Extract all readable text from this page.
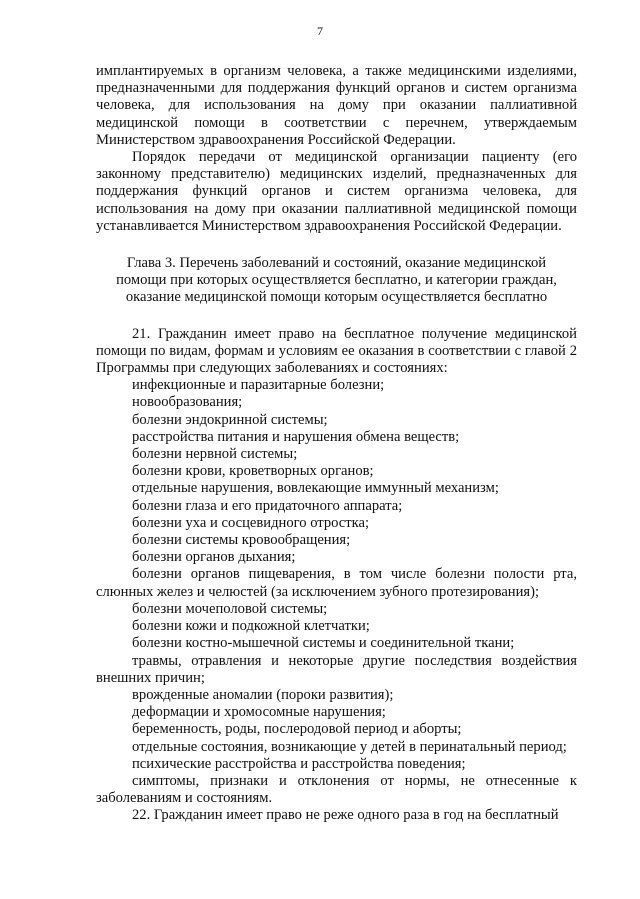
7

имплантируемых в организм человека, а также медицинскими изделиями, предназначенными для поддержания функций органов и систем организма человека, для использования на дому при оказании паллиативной медицинской помощи в соответствии с перечнем, утверждаемым Министерством здравоохранения Российской Федерации.

Порядок передачи от медицинской организации пациенту (его законному представителю) медицинских изделий, предназначенных для поддержания функций органов и систем организма человека, для использования на дому при оказании паллиативной медицинской помощи устанавливается Министерством здравоохранения Российской Федерации.

Глава 3. Перечень заболеваний и состояний, оказание медицинской
помощи при которых осуществляется бесплатно, и категории граждан,
оказание медицинской помощи которым осуществляется бесплатно

21. Гражданин имеет право на бесплатное получение медицинской помощи по видам, формам и условиям ее оказания в соответствии с главой 2 Программы при следующих заболеваниях и состояниях:

инфекционные и паразитарные болезни;
новообразования;
болезни эндокринной системы;
расстройства питания и нарушения обмена веществ;
болезни нервной системы;
болезни крови, кроветворных органов;
отдельные нарушения, вовлекающие иммунный механизм;
болезни глаза и его придаточного аппарата;
болезни уха и сосцевидного отростка;
болезни системы кровообращения;
болезни органов дыхания;
болезни органов пищеварения, в том числе болезни полости рта, слюнных желез и челюстей (за исключением зубного протезирования);
болезни мочеполовой системы;
болезни кожи и подкожной клетчатки;
болезни костно-мышечной системы и соединительной ткани;
травмы, отравления и некоторые другие последствия воздействия внешних причин;
врожденные аномалии (пороки развития);
деформации и хромосомные нарушения;
беременность, роды, послеродовой период и аборты;
отдельные состояния, возникающие у детей в перинатальный период;
психические расстройства и расстройства поведения;
симптомы, признаки и отклонения от нормы, не отнесенные к заболеваниям и состояниям.

22. Гражданин имеет право не реже одного раза в год на бесплатный
